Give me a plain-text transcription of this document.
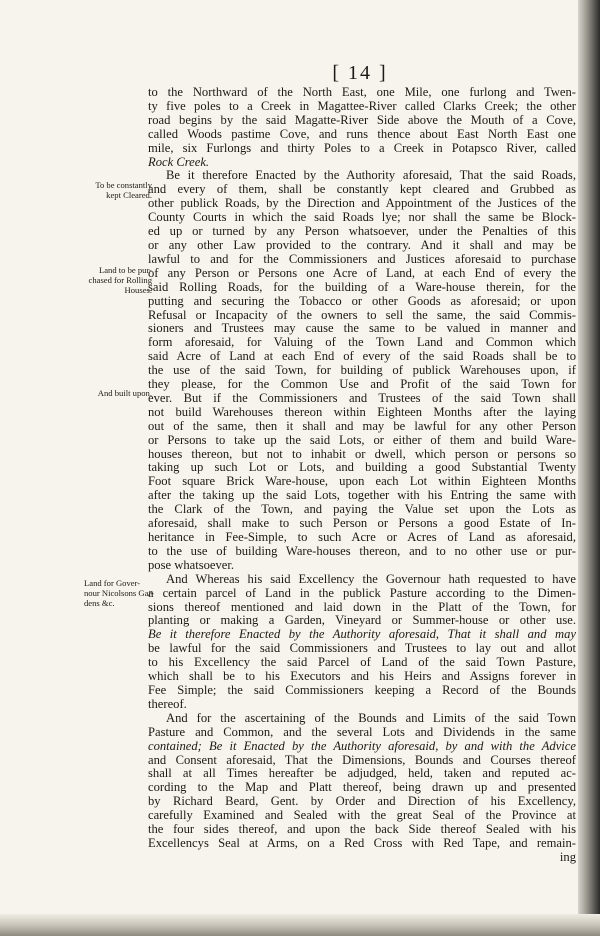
[ 14 ]
To be constantly kept Cleared.
Land to be pur- chased for Rolling Houses.
And built upon.
Land for Gover- nour Nicolsons Gar- dens &c.
to the Northward of the North East, one Mile, one furlong and Twen-
ty five poles to a Creek in Magattee-River called Clarks Creek; the other
road begins by the said Magatte-River Side above the Mouth of a Cove,
called Woods pastime Cove, and runs thence about East North East one
mile, six Furlongs and thirty Poles to a Creek in Potapsco River, called
Rock Creek.
Be it therefore Enacted by the Authority aforesaid, That the said Roads,
and every of them, shall be constantly kept cleared and Grubbed as
other publick Roads, by the Direction and Appointment of the Justices of the
County Courts in which the said Roads lye; nor shall the same be Block-
ed up or turned by any Person whatsoever, under the Penalties of this
or any other Law provided to the contrary. And it shall and may be
lawful to and for the Commissioners and Justices aforesaid to purchase
of any Person or Persons one Acre of Land, at each End of every the
said Rolling Roads, for the building of a Ware-house therein, for the
putting and securing the Tobacco or other Goods as aforesaid; or upon
Refusal or Incapacity of the owners to sell the same, the said Commis-
sioners and Trustees may cause the same to be valued in manner and
form aforesaid, for Valuing of the Town Land and Common which
said Acre of Land at each End of every of the said Roads shall be to
the use of the said Town, for building of publick Warehouses upon, if
they please, for the Common Use and Profit of the said Town for
ever. But if the Commissioners and Trustees of the said Town shall
not build Warehouses thereon within Eighteen Months after the laying
out of the same, then it shall and may be lawful for any other Person
or Persons to take up the said Lots, or either of them and build Ware-
houses thereon, but not to inhabit or dwell, which person or persons so
taking up such Lot or Lots, and building a good Substantial Twenty
Foot square Brick Ware-house, upon each Lot within Eighteen Months
after the taking up the said Lots, together with his Entring the same with
the Clark of the Town, and paying the Value set upon the Lots as
aforesaid, shall make to such Person or Persons a good Estate of In-
heritance in Fee-Simple, to such Acre or Acres of Land as aforesaid,
to the use of building Ware-houses thereon, and to no other use or pur-
pose whatsoever.
And Whereas his said Excellency the Governour hath requested to have
a certain parcel of Land in the publick Pasture according to the Dimen-
sions thereof mentioned and laid down in the Platt of the Town, for
planting or making a Garden, Vineyard or Summer-house or other use.
Be it therefore Enacted by the Authority aforesaid, That it shall and may
be lawful for the said Commissioners and Trustees to lay out and allot
to his Excellency the said Parcel of Land of the said Town Pasture,
which shall be to his Executors and his Heirs and Assigns forever in
Fee Simple; the said Commissioners keeping a Record of the Bounds
thereof.
And for the ascertaining of the Bounds and Limits of the said Town
Pasture and Common, and the several Lots and Dividends in the same
contained; Be it Enacted by the Authority aforesaid, by and with the Advice
and Consent aforesaid, That the Dimensions, Bounds and Courses thereof
shall at all Times hereafter be adjudged, held, taken and reputed ac-
cording to the Map and Platt thereof, being drawn up and presented
by Richard Beard, Gent. by Order and Direction of his Excellency,
carefully Examined and Sealed with the great Seal of the Province at
the four sides thereof, and upon the back Side thereof Sealed with his
Excellencys Seal at Arms, on a Red Cross with Red Tape, and remain-
ing
